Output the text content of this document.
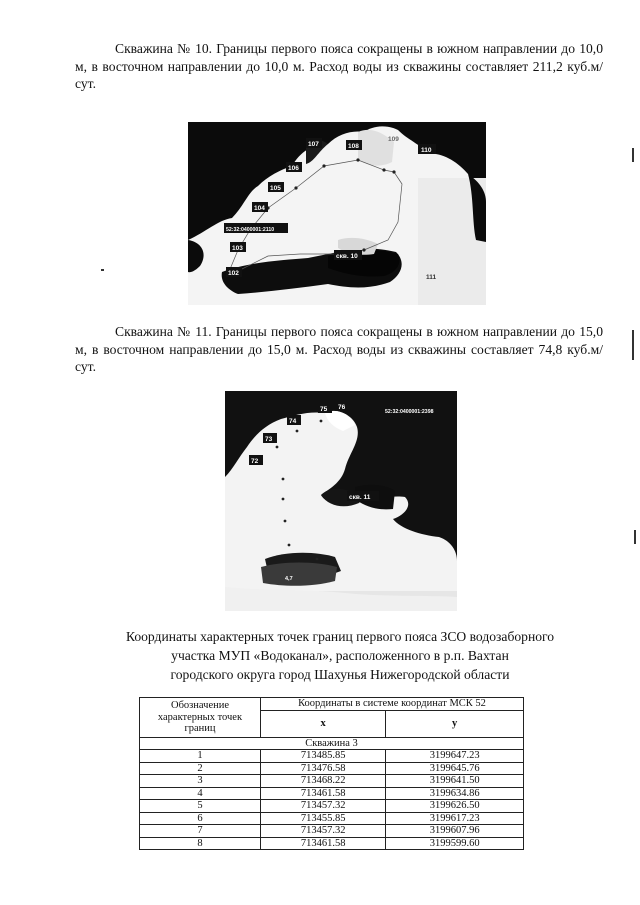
Скважина № 10. Границы первого пояса сокращены в южном направлении до 10,0 м, в восточном направлении до 10,0 м. Расход воды из скважины составляет 211,2 куб.м/сут.

107	108
109
110
106
105
104
52:32:0400001:2110
103
скв. 10
102
111

Скважина № 11. Границы первого пояса сокращены в южном направлении до 15,0 м, в восточном направлении до 15,0 м. Расход воды из скважины составляет 74,8 куб.м/сут.

75 76
74
52:32:0400001:2398
73
72
скв. 11
4,7

Координаты характерных точек границ первого пояса ЗСО водозаборного
участка МУП «Водоканал», расположенного в р.п. Вахтан
городского округа город Шахунья Нижегородской области

Обозначение характерных точек границ	Координаты в системе координат МСК 52	
	x	y
Скважина 3		
1	713485.85	3199647.23
2	713476.58	3199645.76
3	713468.22	3199641.50
4	713461.58	3199634.86
5	713457.32	3199626.50
6	713455.85	3199617.23
7	713457.32	3199607.96
8	713461.58	3199599.60
